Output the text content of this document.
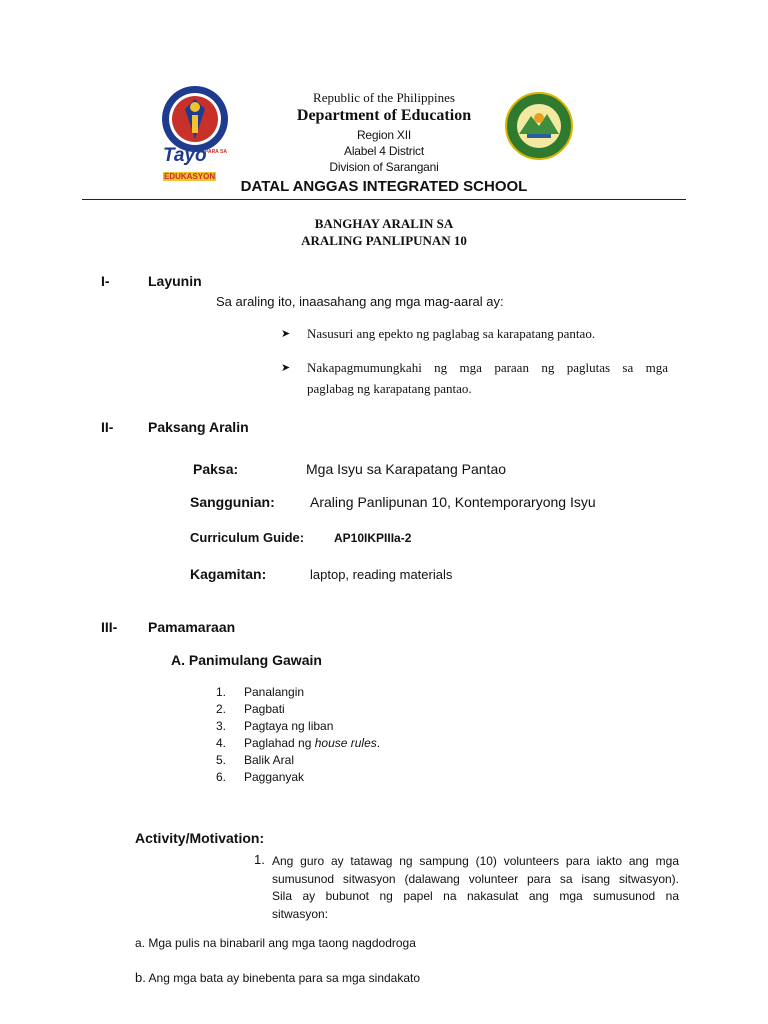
Tayo
PARA SA
EDUKASYON
Republic of the Philippines
Department of Education
Region XII
Alabel 4 District
Division of Sarangani
DATAL ANGGAS INTEGRATED SCHOOL
BANGHAY ARALIN SA
ARALING PANLIPUNAN 10
I-	Layunin
Sa araling ito, inaasahang ang mga mag-aaral ay:
➤ Nasusuri ang epekto ng paglabag sa karapatang pantao.
➤ Nakapagmumungkahi ng mga paraan ng paglutas sa mga
paglabag ng karapatang pantao.
II- Paksang Aralin
Paksa:	Mga Isyu sa Karapatang Pantao
Sanggunian:	Araling Panlipunan 10, Kontemporaryong Isyu
Curriculum Guide: AP10IKPIIIa-2
Kagamitan:	laptop, reading materials
III- Pamamaraan
A. Panimulang Gawain
1. Panalangin
2. Pagbati
3. Pagtaya ng liban
4. Paglahad ng house rules.
5. Balik Aral
6. Pagganyak
Activity/Motivation:
1. Ang guro ay tatawag ng sampung (10) volunteers para iakto ang mga
sumusunod sitwasyon (dalawang volunteer para sa isang sitwasyon).
Sila ay bubunot ng papel na nakasulat ang mga sumusunod na
sitwasyon:
a. Mga pulis na binabaril ang mga taong nagdodroga
b. Ang mga bata ay binebenta para sa mga sindakato
